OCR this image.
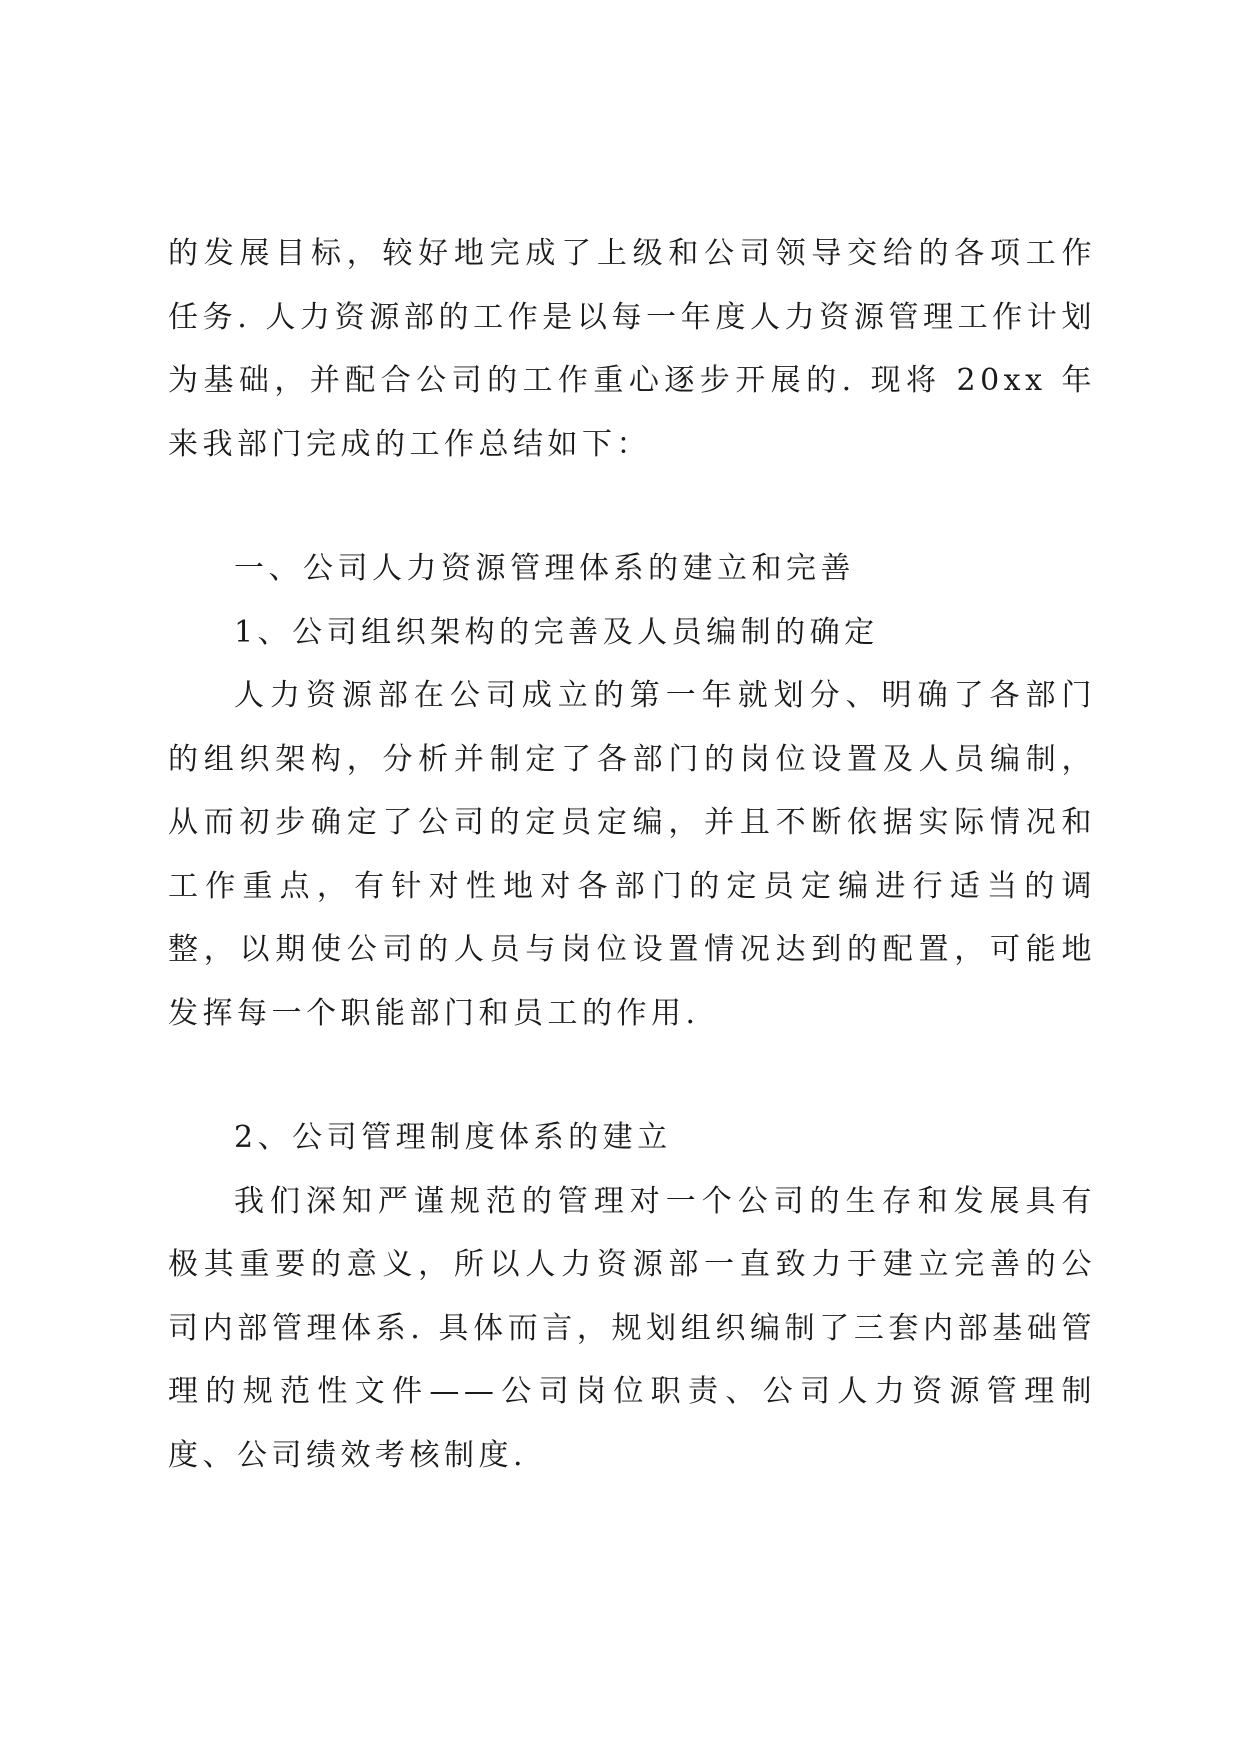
的发展目标，较好地完成了上级和公司领导交给的各项工作任务. 人力资源部的工作是以每一年度人力资源管理工作计划为基础，并配合公司的工作重心逐步开展的. 现将 20xx 年来我部门完成的工作总结如下：

一、公司人力资源管理体系的建立和完善

1、公司组织架构的完善及人员编制的确定

人力资源部在公司成立的第一年就划分、明确了各部门的组织架构，分析并制定了各部门的岗位设置及人员编制，从而初步确定了公司的定员定编，并且不断依据实际情况和工作重点，有针对性地对各部门的定员定编进行适当的调整，以期使公司的人员与岗位设置情况达到的配置，可能地发挥每一个职能部门和员工的作用.

2、公司管理制度体系的建立

我们深知严谨规范的管理对一个公司的生存和发展具有极其重要的意义，所以人力资源部一直致力于建立完善的公司内部管理体系. 具体而言，规划组织编制了三套内部基础管理的规范性文件——公司岗位职责、公司人力资源管理制度、公司绩效考核制度.
